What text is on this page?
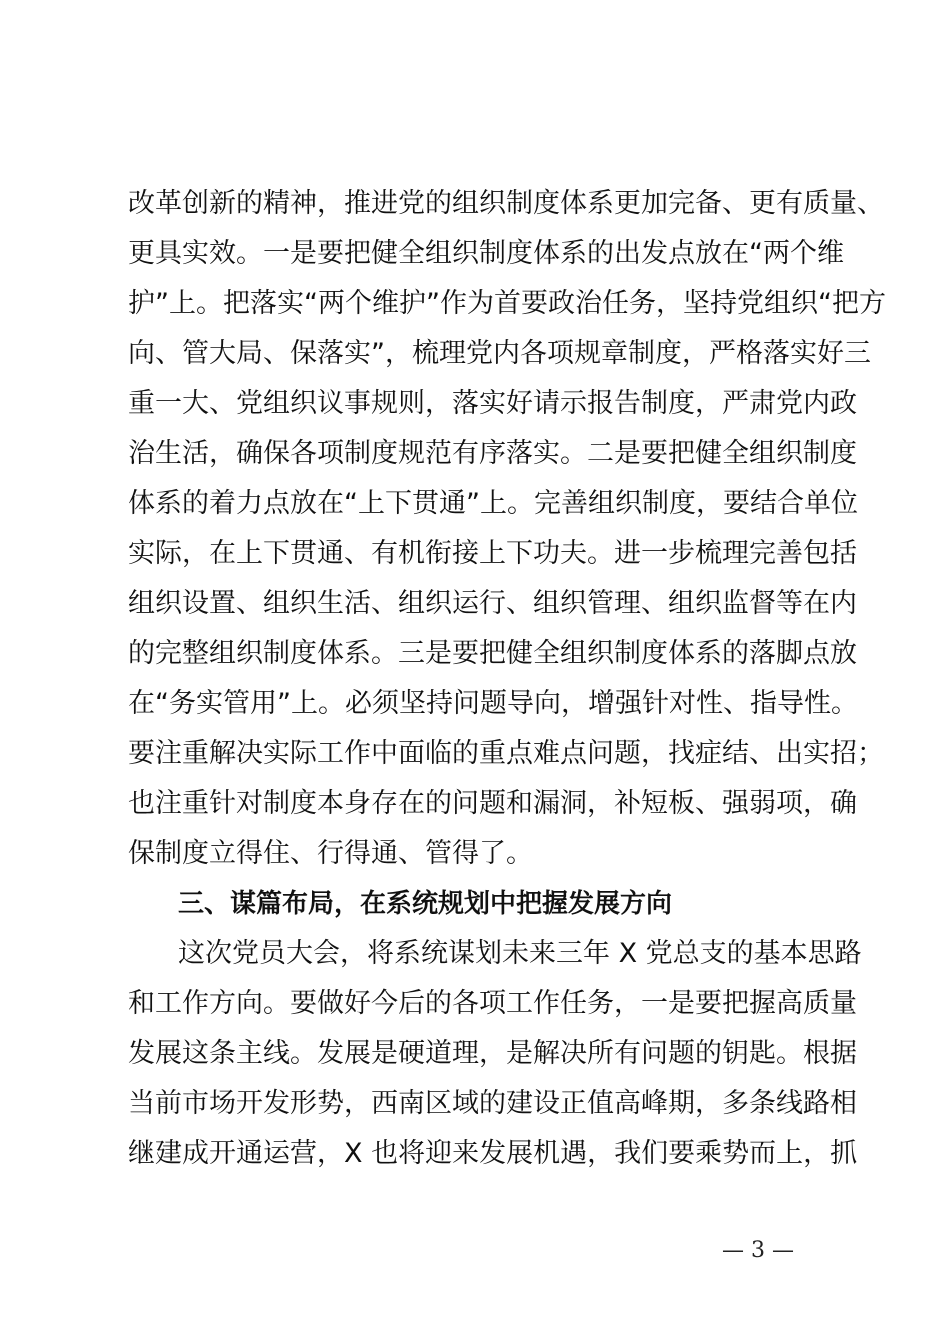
改革创新的精神，推进党的组织制度体系更加完备、更有质量、
更具实效。一是要把健全组织制度体系的出发点放在“两个维
护”上。把落实“两个维护”作为首要政治任务，坚持党组织“把方
向、管大局、保落实”，梳理党内各项规章制度，严格落实好三
重一大、党组织议事规则，落实好请示报告制度，严肃党内政
治生活，确保各项制度规范有序落实。二是要把健全组织制度
体系的着力点放在“上下贯通”上。完善组织制度，要结合单位
实际，在上下贯通、有机衔接上下功夫。进一步梳理完善包括
组织设置、组织生活、组织运行、组织管理、组织监督等在内
的完整组织制度体系。三是要把健全组织制度体系的落脚点放
在“务实管用”上。必须坚持问题导向，增强针对性、指导性。
要注重解决实际工作中面临的重点难点问题，找症结、出实招；
也注重针对制度本身存在的问题和漏洞，补短板、强弱项，确
保制度立得住、行得通、管得了。
三、谋篇布局，在系统规划中把握发展方向
这次党员大会，将系统谋划未来三年 X 党总支的基本思路
和工作方向。要做好今后的各项工作任务，一是要把握高质量
发展这条主线。发展是硬道理，是解决所有问题的钥匙。根据
当前市场开发形势，西南区域的建设正值高峰期，多条线路相
继建成开通运营，X 也将迎来发展机遇，我们要乘势而上，抓
— 3 —
